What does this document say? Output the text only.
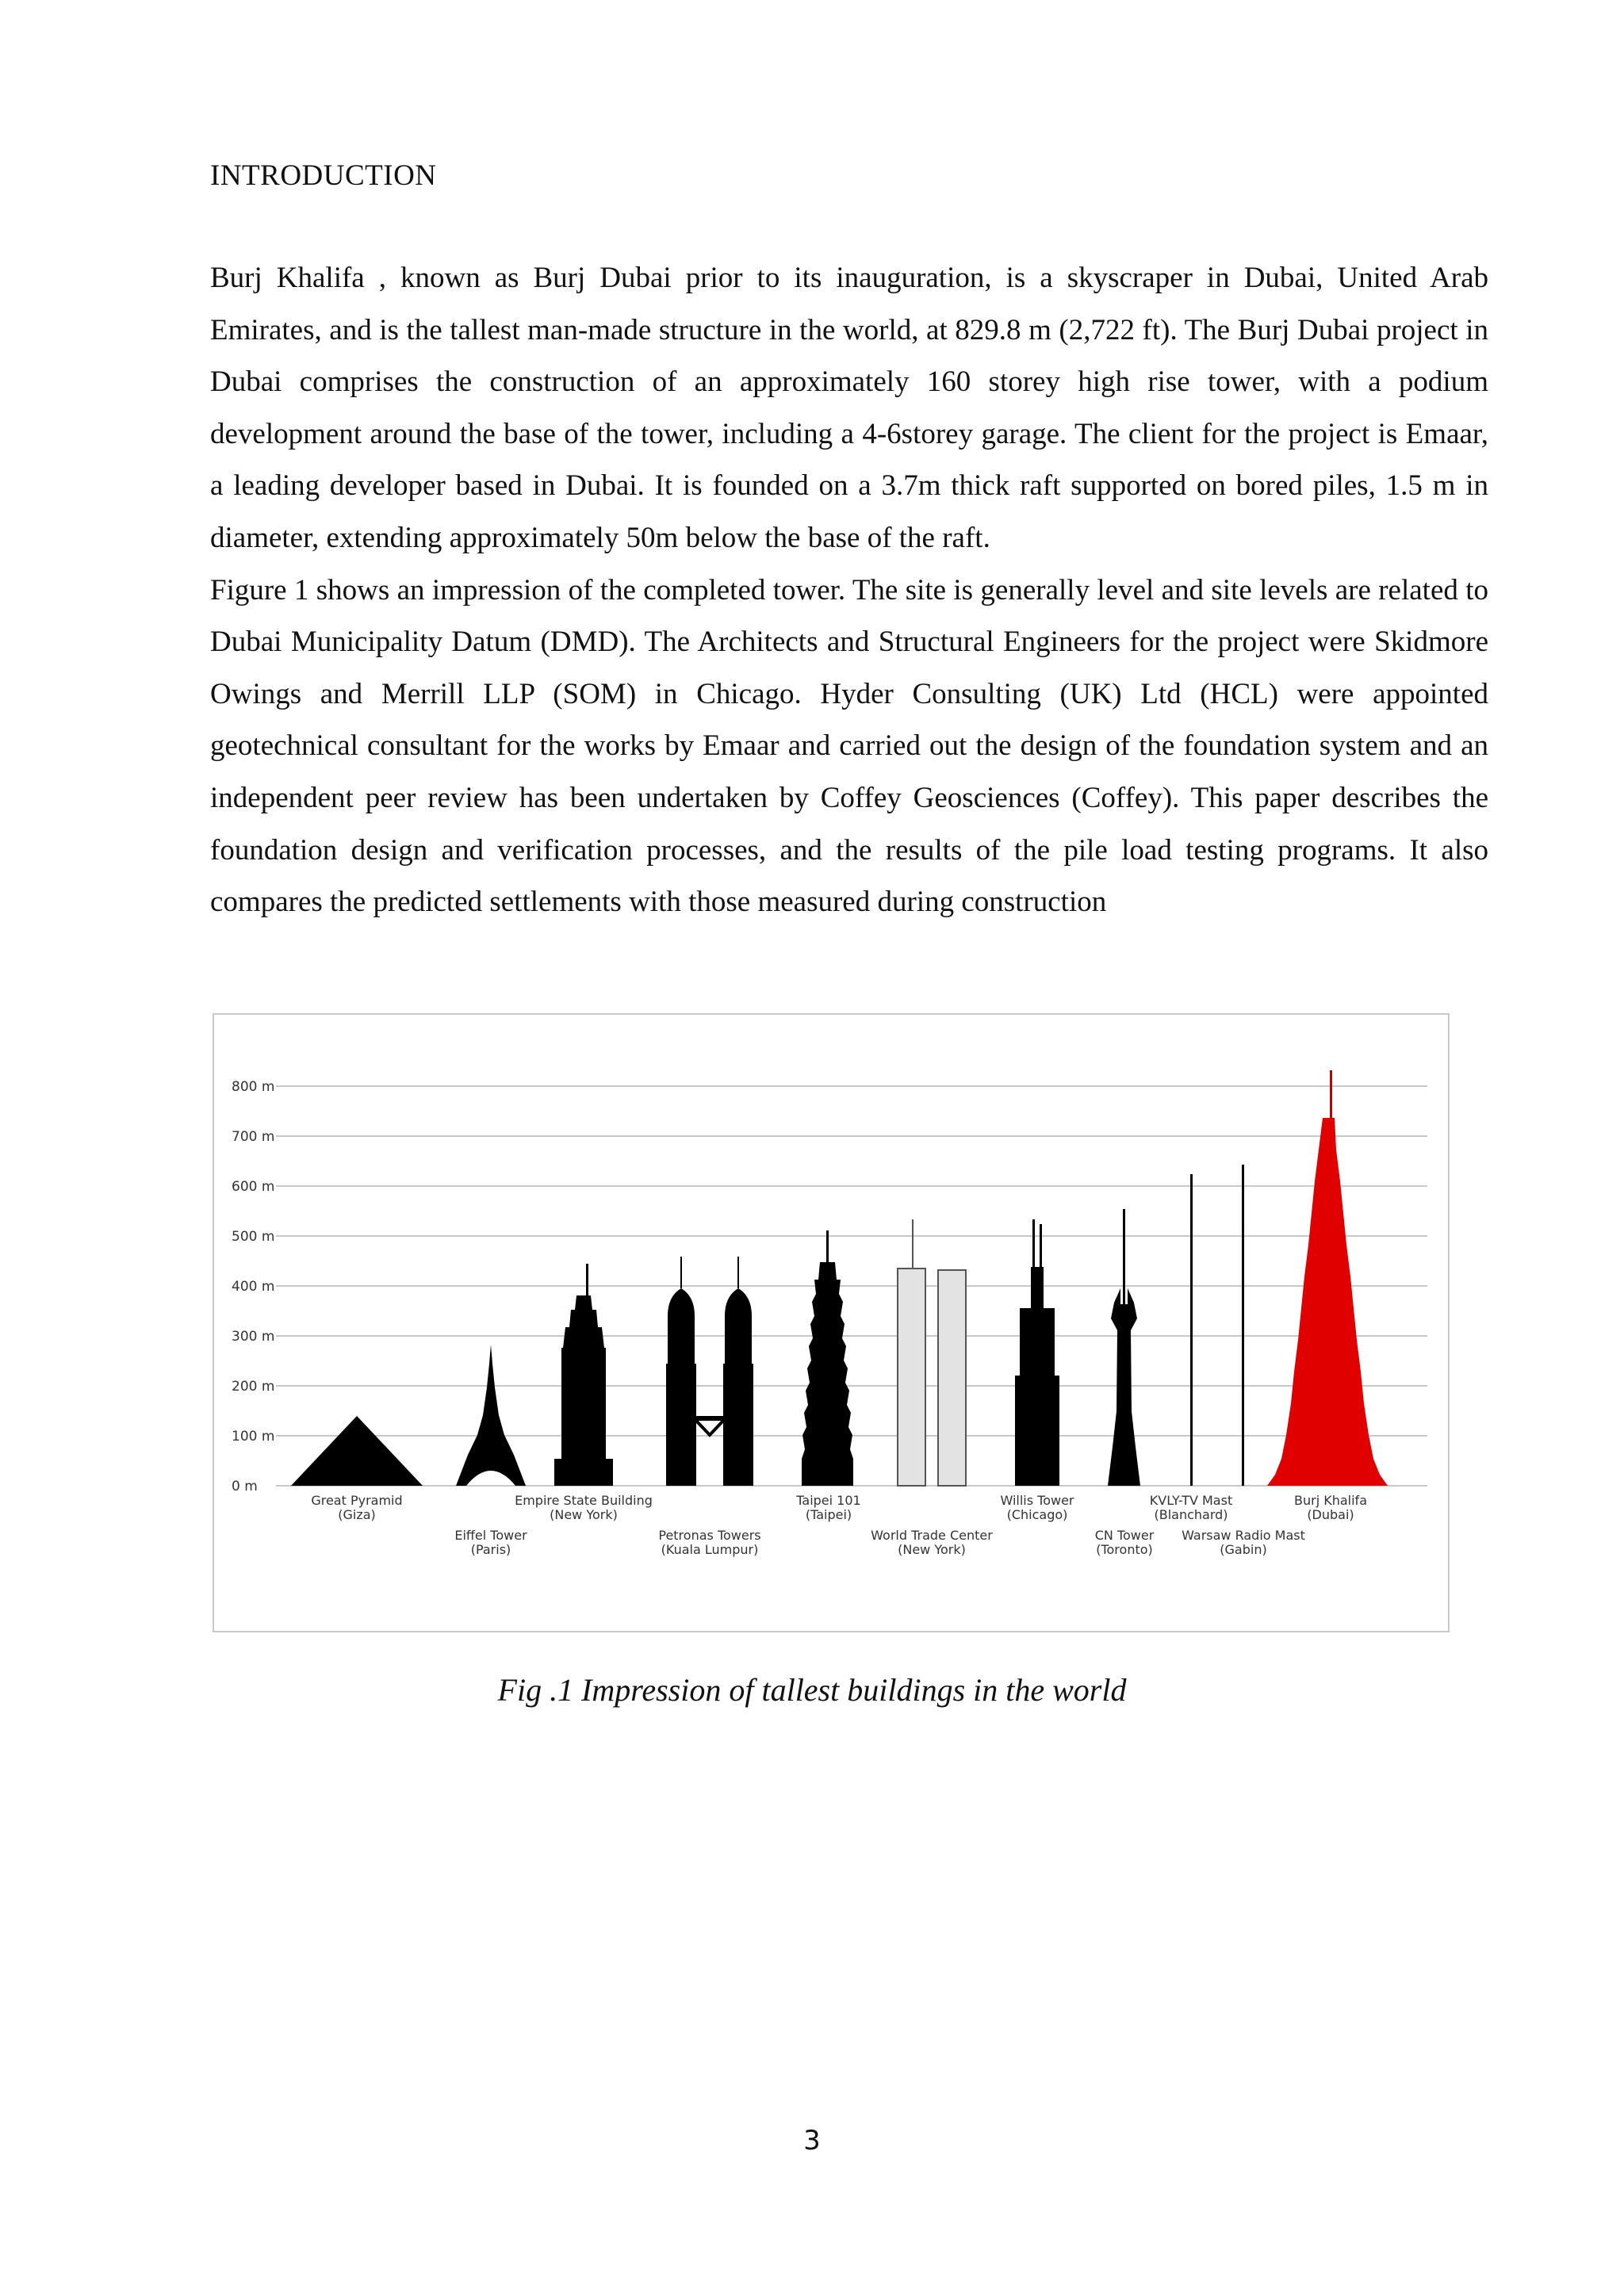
INTRODUCTION

Burj Khalifa , known as Burj Dubai prior to its inauguration, is a skyscraper in Dubai, United Arab Emirates, and is the tallest man-made structure in the world, at 829.8 m (2,722 ft). The Burj Dubai project in Dubai comprises the construction of an approximately 160 storey high rise tower, with a podium development around the base of the tower, including a 4-6storey garage. The client for the project is Emaar, a leading developer based in Dubai. It is founded on a 3.7m thick raft supported on bored piles, 1.5 m in diameter, extending approximately 50m below the base of the raft.

Figure 1 shows an impression of the completed tower. The site is generally level and site levels are related to Dubai Municipality Datum (DMD). The Architects and Structural Engineers for the project were Skidmore Owings and Merrill LLP (SOM) in Chicago. Hyder Consulting (UK) Ltd (HCL) were appointed geotechnical consultant for the works by Emaar and carried out the design of the foundation system and an independent peer review has been undertaken by Coffey Geosciences (Coffey). This paper describes the foundation design and verification processes, and the results of the pile load testing programs. It also compares the predicted settlements with those measured during construction

800 m
700 m
600 m
500 m
400 m
300 m
200 m
100 m
0 m
Great Pyramid
(Giza)
Eiffel Tower
(Paris)
Empire State Building
(New York)
Petronas Towers
(Kuala Lumpur)
Taipei 101
(Taipei)
World Trade Center
(New York)
Willis Tower
(Chicago)
CN Tower
(Toronto)
KVLY-TV Mast
(Blanchard)
Warsaw Radio Mast
(Gabin)
Burj Khalifa
(Dubai)
Fig .1 Impression of tallest buildings in the world
3
